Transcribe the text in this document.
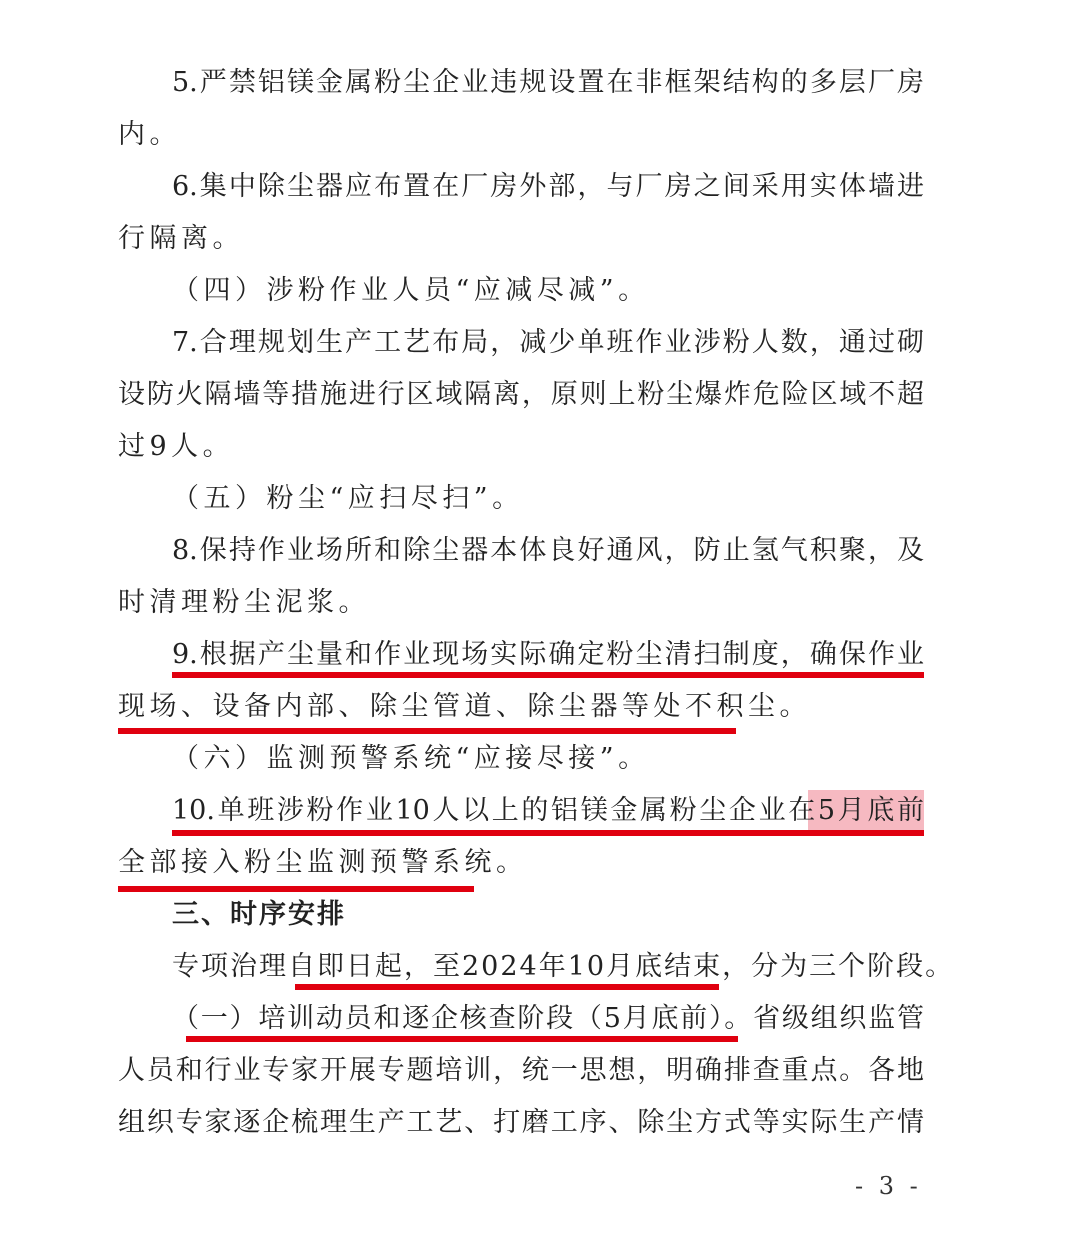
5.严禁铝镁金属粉尘企业违规设置在非框架结构的多层厂房
内。
6.集中除尘器应布置在厂房外部，与厂房之间采用实体墙进
行隔离。
（四）涉粉作业人员“应减尽减”。
7.合理规划生产工艺布局，减少单班作业涉粉人数，通过砌
设防火隔墙等措施进行区域隔离，原则上粉尘爆炸危险区域不超
过9人。
（五）粉尘“应扫尽扫”。
8.保持作业场所和除尘器本体良好通风，防止氢气积聚，及
时清理粉尘泥浆。
9.根据产尘量和作业现场实际确定粉尘清扫制度，确保作业
现场、设备内部、除尘管道、除尘器等处不积尘。
（六）监测预警系统“应接尽接”。
10.单班涉粉作业10人以上的铝镁金属粉尘企业在5月底前
全部接入粉尘监测预警系统。
三、时序安排
专项治理自即日起，至2024年10月底结束，分为三个阶段。
（一）培训动员和逐企核查阶段（5月底前）。省级组织监管
人员和行业专家开展专题培训，统一思想，明确排查重点。各地
组织专家逐企梳理生产工艺、打磨工序、除尘方式等实际生产情
- 3 -
